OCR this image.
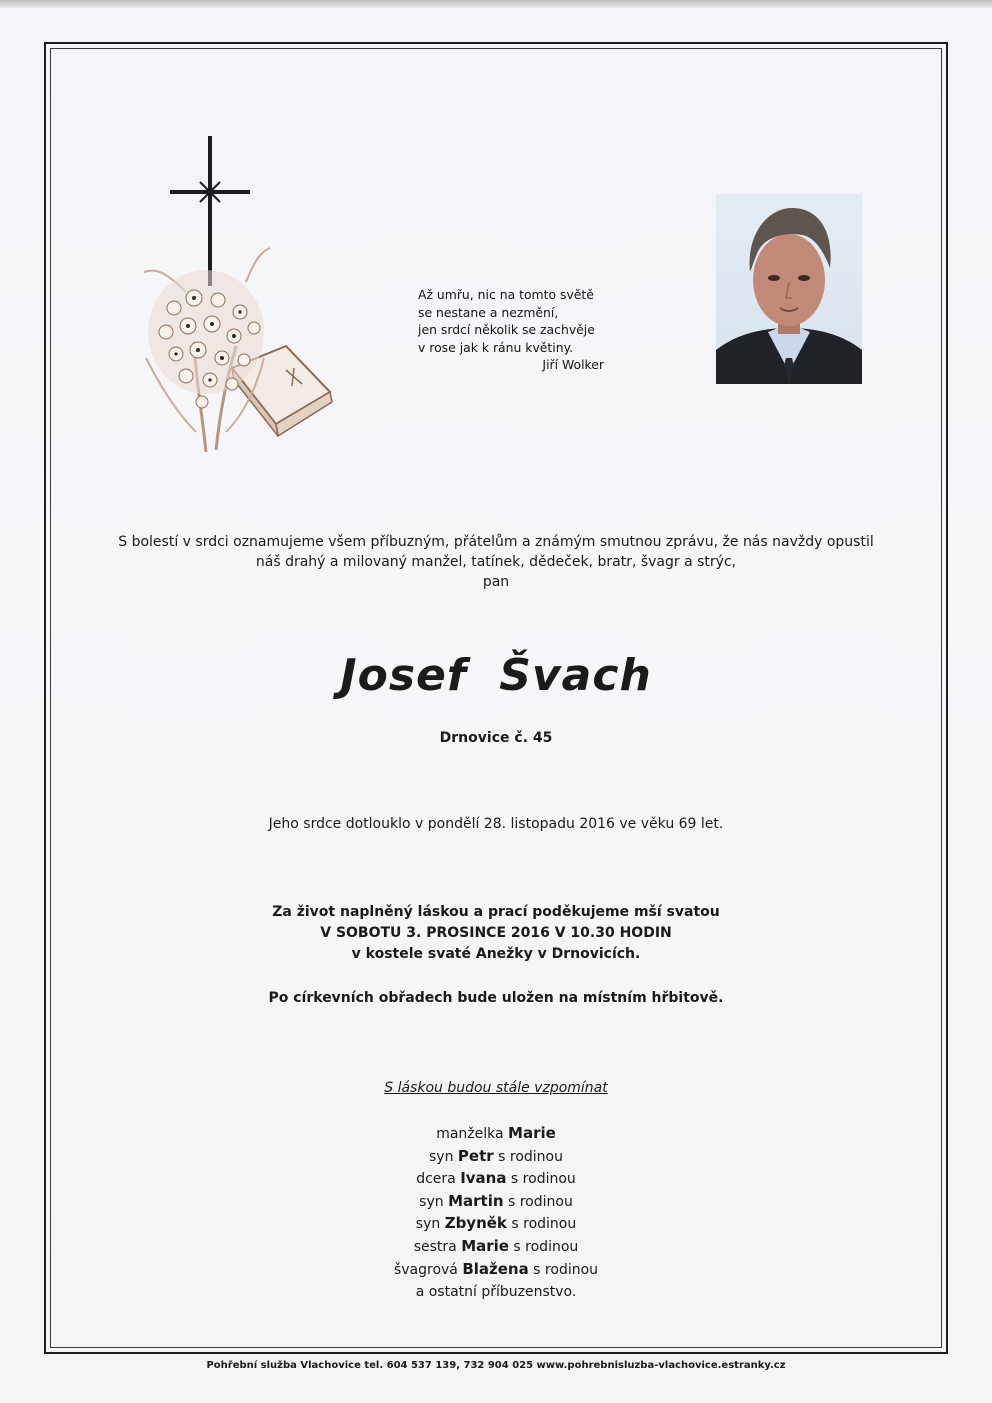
Až umřu, nic na tomto světě
se nestane a nezmění,
jen srdcí několik se zachvěje
v rose jak k ránu květiny.
Jiří Wolker
S bolestí v srdci oznamujeme všem příbuzným, přátelům a známým smutnou zprávu, že nás navždy opustil
náš drahý a milovaný manžel, tatínek, dědeček, bratr, švagr a strýc,
pan
Josef Švach
Drnovice č. 45
Jeho srdce dotlouklo v pondělí 28. listopadu 2016 ve věku 69 let.
Za život naplněný láskou a prací poděkujeme mší svatou
V SOBOTU 3. PROSINCE 2016 V 10.30 HODIN
v kostele svaté Anežky v Drnovicích.
Po církevních obřadech bude uložen na místním hřbitově.
S láskou budou stále vzpomínat
manželka Marie
syn Petr s rodinou
dcera Ivana s rodinou
syn Martin s rodinou
syn Zbyněk s rodinou
sestra Marie s rodinou
švagrová Blažena s rodinou
a ostatní příbuzenstvo.
Pohřební služba Vlachovice tel. 604 537 139, 732 904 025 www.pohrebnisluzba-vlachovice.estranky.cz
